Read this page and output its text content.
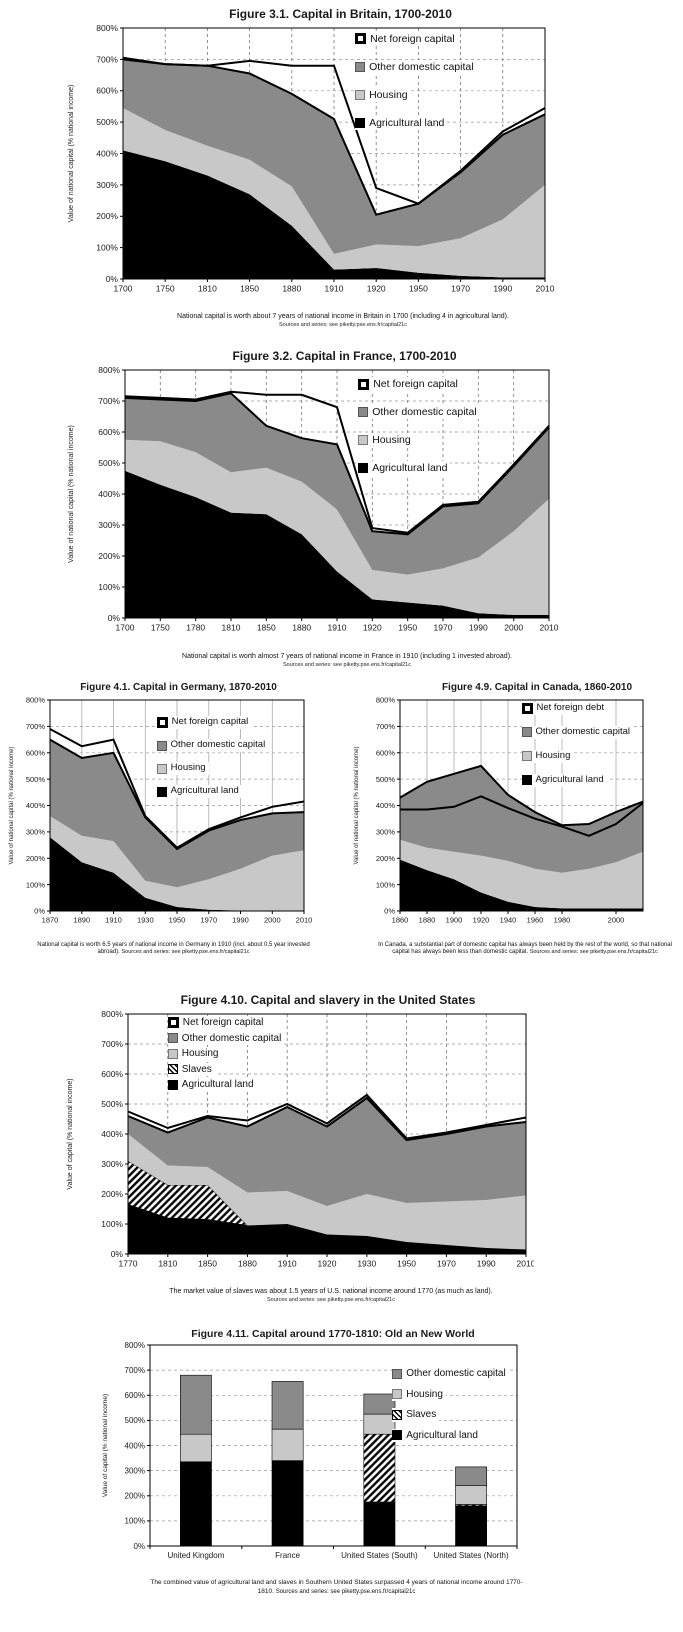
Figure 3.1. Capital in Britain, 1700-2010
0%
100%
200%
300%
400%
500%
600%
700%
800%
1700	1750	1810	1850	1880	1910	1920	1950	1970	1990	2010
Value of national capital (% national income)
Net foreign capital
Other domestic capital
Housing
Agricultural land

National capital is worth about 7 years of national income in Britain in 1700 (including 4 in agricultural land).

Sources and series: see piketty.pse.ens.fr/capital21c

Figure 3.2. Capital in France, 1700-2010
0%
100%
200%
300%
400%
500%
600%
700%
800%
1700 1750 1780 1810 1850 1880 1910 1920 1950 1970 1990 2000 2010
Value of national capital (% national income)
Net foreign capital
Other domestic capital
Housing
Agricultural land

National capital is worth almost 7 years of national income in France in 1910 (including 1 invested abroad).

Sources and series: see piketty.pse.ens.fr/capital21c

Figure 4.1. Capital in Germany, 1870-2010
0%
100%
200%
300%
400%
500%
600%
700%
800%
1870 1890 1910 1930 1950 1970 1990 2000 2010
Value of national capital (% national income)
Net foreign capital
Other domestic capital
Housing
Agricultural land

National capital is worth 6.5 years of national income in Germany in 1910 (incl. about 0.5 year invested abroad). Sources and series: see piketty.pse.ens.fr/capital21c

Figure 4.9. Capital in Canada, 1860-2010
0%
100%
200%
300%
400%
500%
600%
700%
800%
1860 1880 1900 1920 1940 1960 1980	2000
Value of national capital (% national income)
Net foreign debt
Other domestic capital
Housing
Agricultural land

In Canada, a substantial part of domestic capital has always been held by the rest of the world, so that national capital has always been less than domestic capital. Sources and series: see piketty.pse.ens.fr/capital21c

Figure 4.10. Capital and slavery in the United States
0%
100%
200%
300%
400%
500%
600%
700%
800%
1770 1810 1850 1880 1910 1920 1930 1950 1970 1990 2010
Value of capital (% national income)
Net foreign capital
Other domestic capital
Housing
Slaves
Agricultural land

The market value of slaves was about 1.5 years of U.S. national income around 1770 (as much as land).

Sources and series: see piketty.pse.ens.fr/capital21c

Figure 4.11. Capital around 1770-1810: Old an New World
0%
100%
200%
300%
400%
500%
600%
700%
800%
United Kingdom	France	United States (South) United States (North)
Value of capital (% national income)
Other domestic capital
Housing
Slaves
Agricultural land

The combined value of agricultural land and slaves in Southern United States surpassed 4 years of national income around 1770-1810. Sources and series: see piketty.pse.ens.fr/capital21c
